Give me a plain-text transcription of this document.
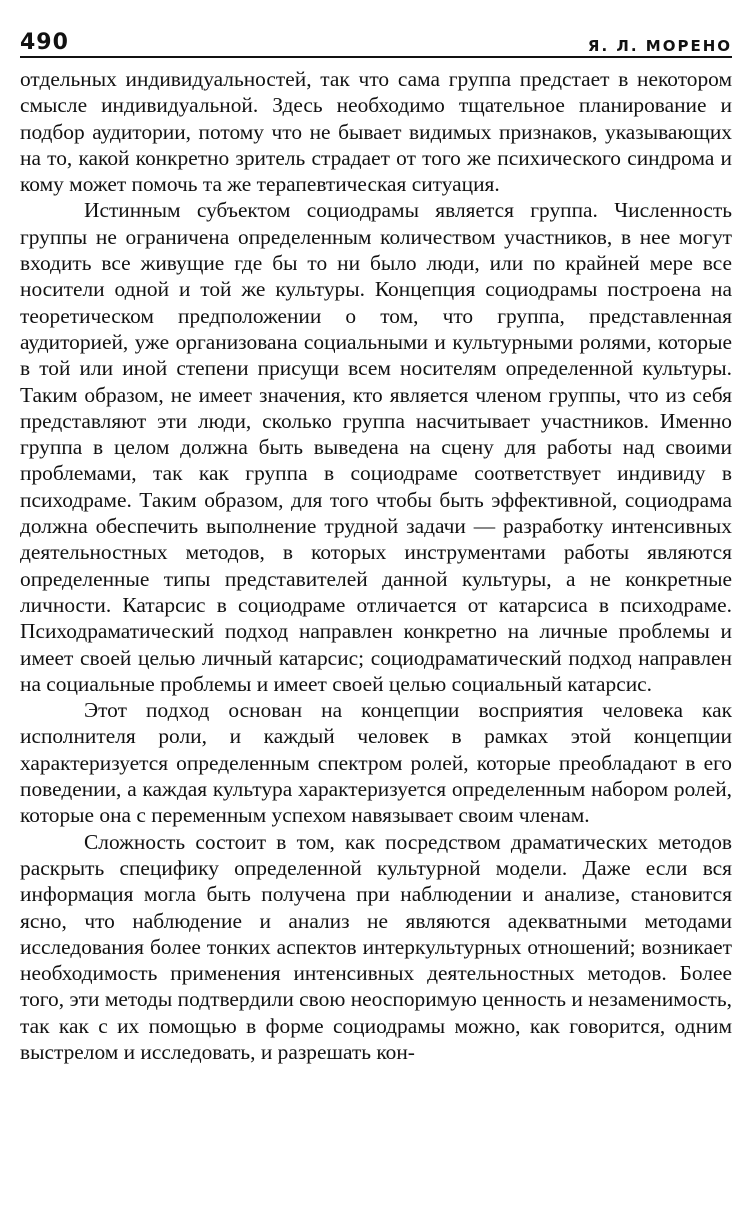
490	Я. Л. МОРЕНО

отдельных индивидуальностей, так что сама группа предстает в некотором смысле индивидуальной. Здесь необходимо тщательное планирование и подбор аудитории, потому что не бывает видимых признаков, указывающих на то, какой конкретно зритель страдает от того же психического синдрома и кому может помочь та же терапевтическая ситуация.

Истинным субъектом социодрамы является группа. Численность группы не ограничена определенным количеством участников, в нее могут входить все живущие где бы то ни было люди, или по крайней мере все носители одной и той же культуры. Концепция социодрамы построена на теоретическом предположении о том, что группа, представленная аудиторией, уже организована социальными и культурными ролями, которые в той или иной степени присущи всем носителям определенной культуры. Таким образом, не имеет значения, кто является членом группы, что из себя представляют эти люди, сколько группа насчитывает участников. Именно группа в целом должна быть выведена на сцену для работы над своими проблемами, так как группа в социодраме соответствует индивиду в психодраме. Таким образом, для того чтобы быть эффективной, социодрама должна обеспечить выполнение трудной задачи — разработку интенсивных деятельностных методов, в которых инструментами работы являются определенные типы представителей данной культуры, а не конкретные личности. Катарсис в социодраме отличается от катарсиса в психодраме. Психодраматический подход направлен конкретно на личные проблемы и имеет своей целью личный катарсис; социодраматический подход направлен на социальные проблемы и имеет своей целью социальный катарсис.

Этот подход основан на концепции восприятия человека как исполнителя роли, и каждый человек в рамках этой концепции характеризуется определенным спектром ролей, которые преобладают в его поведении, а каждая культура характеризуется определенным набором ролей, которые она с переменным успехом навязывает своим членам.

Сложность состоит в том, как посредством драматических методов раскрыть специфику определенной культурной модели. Даже если вся информация могла быть получена при наблюдении и анализе, становится ясно, что наблюдение и анализ не являются адекватными методами исследования более тонких аспектов интеркультурных отношений; возникает необходимость применения интенсивных деятельностных методов. Более того, эти методы подтвердили свою неоспоримую ценность и незаменимость, так как с их помощью в форме социодрамы можно, как говорится, одним выстрелом и исследовать, и разрешать кон-
